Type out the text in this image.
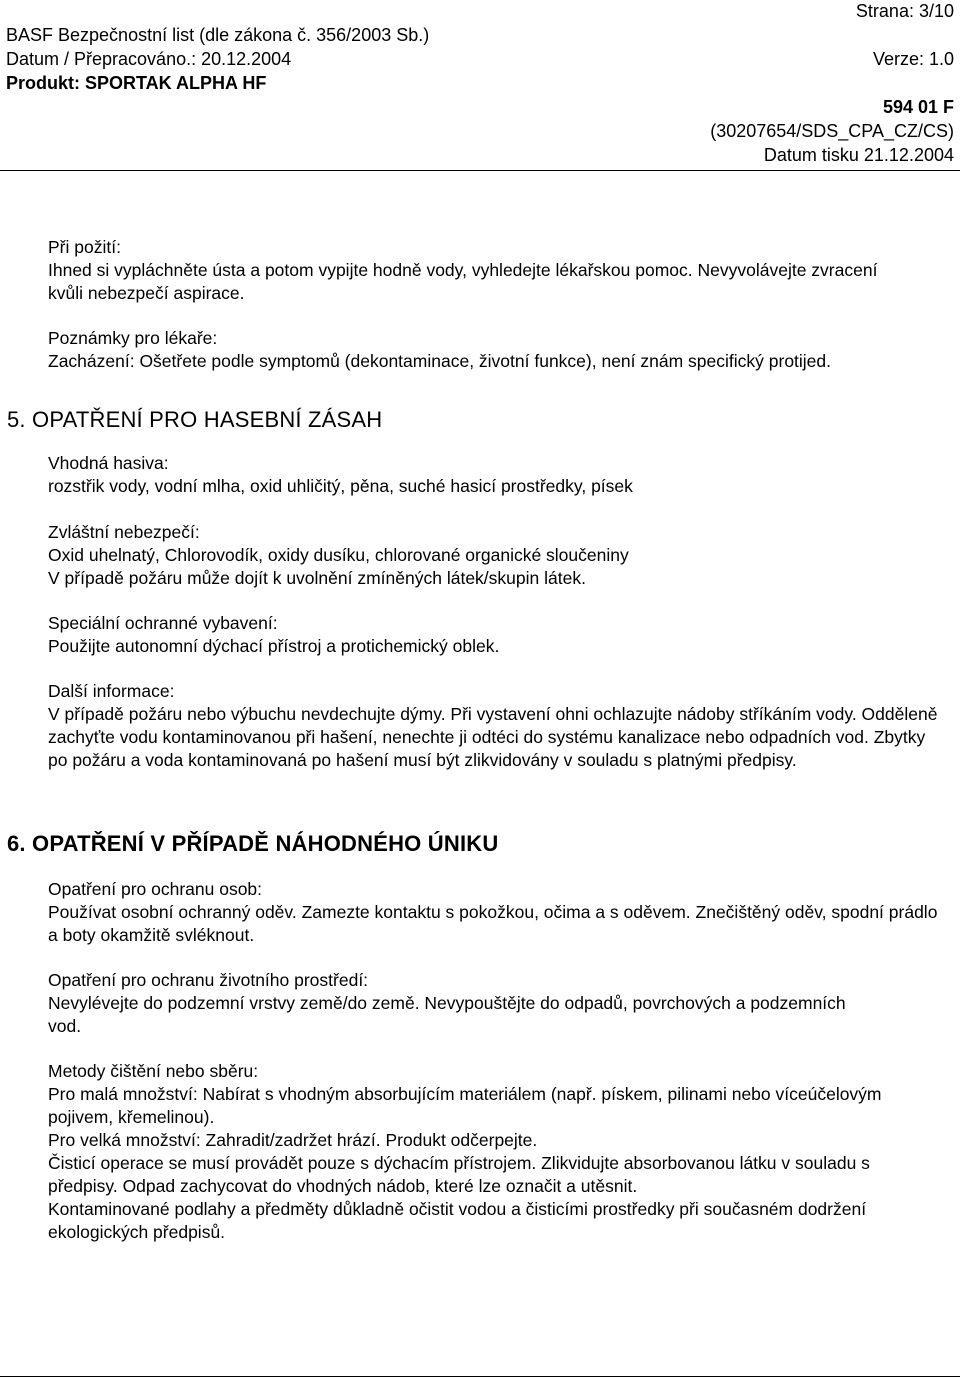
Strana: 3/10
BASF Bezpečnostní list (dle zákona č. 356/2003 Sb.)
Datum / Přepracováno.: 20.12.2004	Verze: 1.0
Produkt: SPORTAK ALPHA HF
594 01 F
(30207654/SDS_CPA_CZ/CS)
Datum tisku 21.12.2004

Při požití:

Ihned si vypláchněte ústa a potom vypijte hodně vody, vyhledejte lékařskou pomoc. Nevyvolávejte zvracení kvůli nebezpečí aspirace.

Poznámky pro lékaře:

Zacházení: Ošetřete podle symptomů (dekontaminace, životní funkce), není znám specifický protijed.

5. OPATŘENÍ PRO HASEBNÍ ZÁSAH

Vhodná hasiva:

rozstřik vody, vodní mlha, oxid uhličitý, pěna, suché hasicí prostředky, písek

Zvláštní nebezpečí:

Oxid uhelnatý, Chlorovodík, oxidy dusíku, chlorované organické sloučeniny

V případě požáru může dojít k uvolnění zmíněných látek/skupin látek.

Speciální ochranné vybavení:

Použijte autonomní dýchací přístroj a protichemický oblek.

Další informace:

V případě požáru nebo výbuchu nevdechujte dýmy. Při vystavení ohni ochlazujte nádoby stříkáním vody. Odděleně zachyťte vodu kontaminovanou při hašení, nenechte ji odtéci do systému kanalizace nebo odpadních vod. Zbytky po požáru a voda kontaminovaná po hašení musí být zlikvidovány v souladu s platnými předpisy.

6. OPATŘENÍ V PŘÍPADĚ NÁHODNÉHO ÚNIKU

Opatření pro ochranu osob:

Používat osobní ochranný oděv. Zamezte kontaktu s pokožkou, očima a s oděvem. Znečištěný oděv, spodní prádlo a boty okamžitě svléknout.

Opatření pro ochranu životního prostředí:

Nevylévejte do podzemní vrstvy země/do země. Nevypouštějte do odpadů, povrchových a podzemních vod.

Metody čištění nebo sběru:

Pro malá množství: Nabírat s vhodným absorbujícím materiálem (např. pískem, pilinami nebo víceúčelovým pojivem, křemelinou).

Pro velká množství: Zahradit/zadržet hrází. Produkt odčerpejte.

Čisticí operace se musí provádět pouze s dýchacím přístrojem. Zlikvidujte absorbovanou látku v souladu s předpisy. Odpad zachycovat do vhodných nádob, které lze označit a utěsnit.

Kontaminované podlahy a předměty důkladně očistit vodou a čisticími prostředky při současném dodržení ekologických předpisů.
